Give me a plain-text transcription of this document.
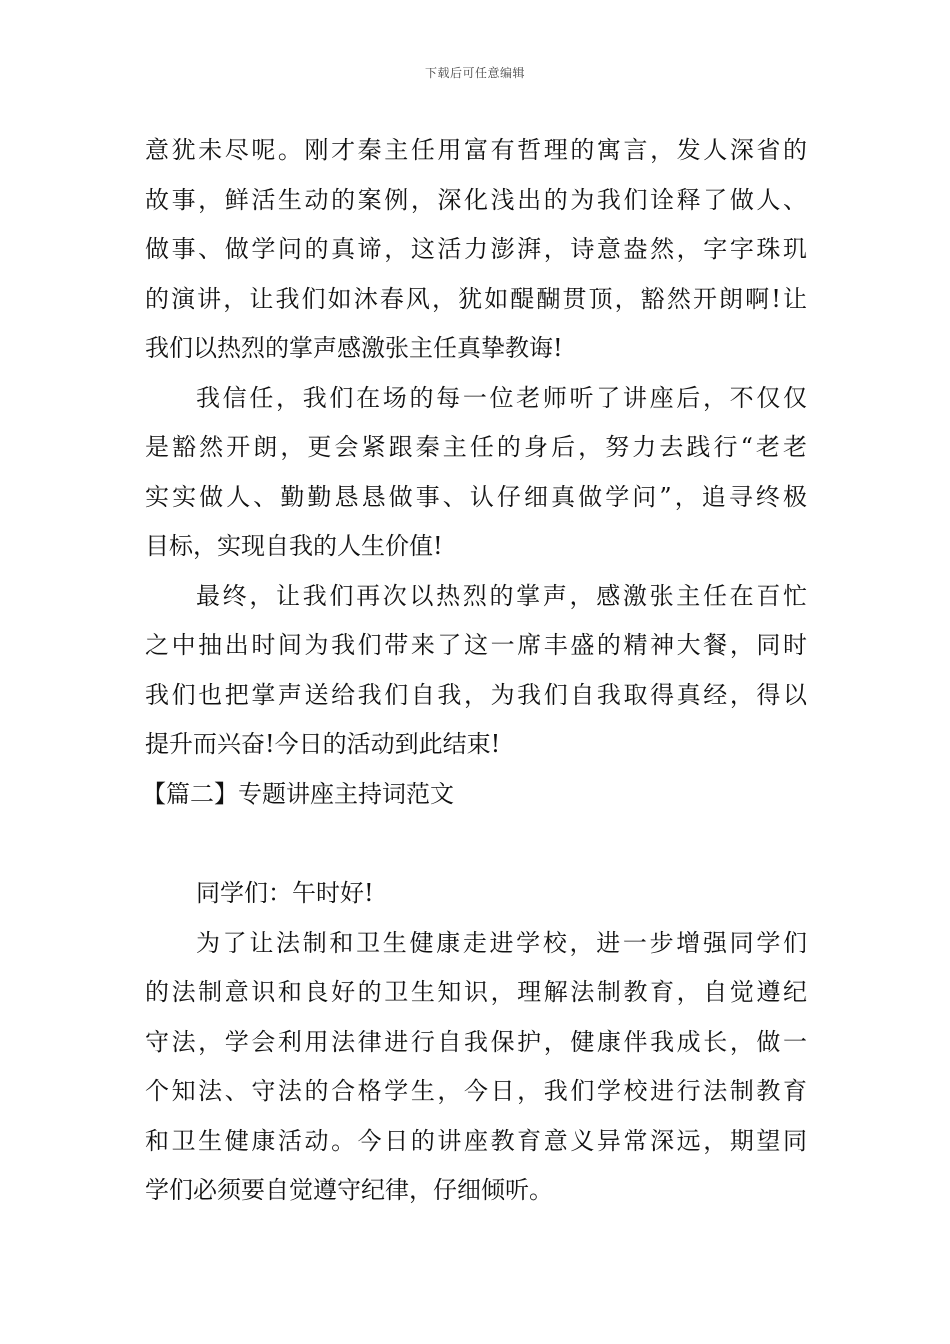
下载后可任意编辑
意犹未尽呢。刚才秦主任用富有哲理的寓言，发人深省的
故事，鲜活生动的案例，深化浅出的为我们诠释了做人、
做事、做学问的真谛，这活力澎湃，诗意盎然，字字珠玑
的演讲，让我们如沐春风，犹如醍醐贯顶，豁然开朗啊!让
我们以热烈的掌声感激张主任真挚教诲!
我信任，我们在场的每一位老师听了讲座后，不仅仅
是豁然开朗，更会紧跟秦主任的身后，努力去践行“老老
实实做人、勤勤恳恳做事、认仔细真做学问”，追寻终极
目标，实现自我的人生价值!
最终，让我们再次以热烈的掌声，感激张主任在百忙
之中抽出时间为我们带来了这一席丰盛的精神大餐，同时
我们也把掌声送给我们自我，为我们自我取得真经，得以
提升而兴奋!今日的活动到此结束!
【篇二】专题讲座主持词范文
同学们：午时好!
为了让法制和卫生健康走进学校，进一步增强同学们
的法制意识和良好的卫生知识，理解法制教育，自觉遵纪
守法，学会利用法律进行自我保护，健康伴我成长，做一
个知法、守法的合格学生，今日，我们学校进行法制教育
和卫生健康活动。今日的讲座教育意义异常深远，期望同
学们必须要自觉遵守纪律，仔细倾听。
